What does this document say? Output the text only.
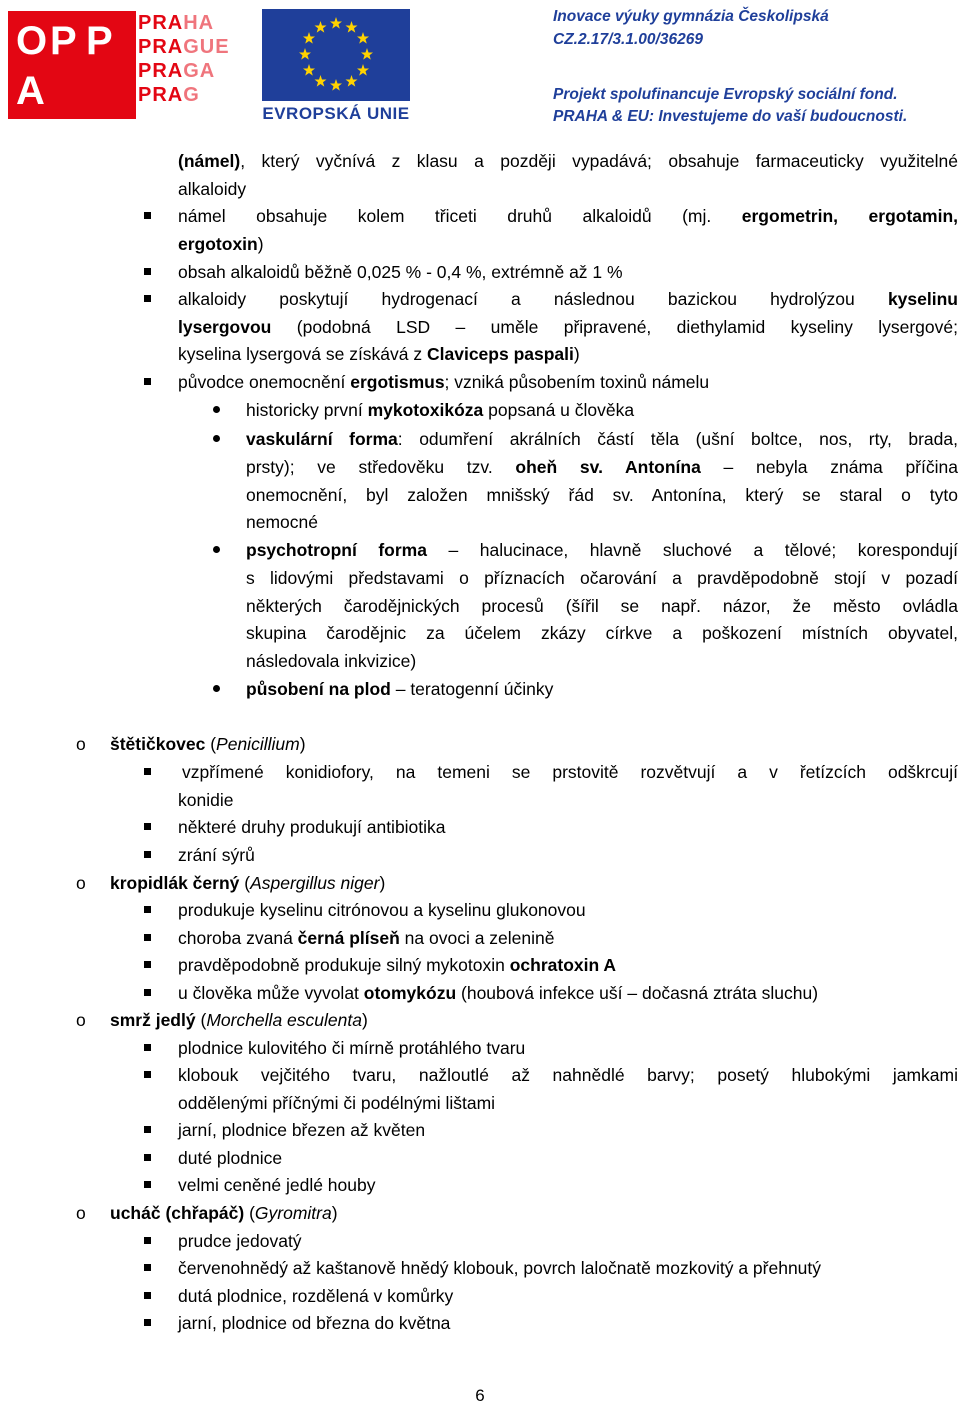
O P P
A
PRAHA
PRAGUE
PRAGA
PRAG
EVROPSKÁ UNIE
Inovace výuky gymnázia Českolipská
CZ.2.17/3.1.00/36269
Projekt spolufinancuje Evropský sociální fond.
PRAHA & EU: Investujeme do vaší budoucnosti.
(námel), který vyčnívá z klasu a později vypadává; obsahuje farmaceuticky využitelné
alkaloidy
námel obsahuje kolem třiceti druhů alkaloidů (mj. ergometrin, ergotamin,
ergotoxin)
obsah alkaloidů běžně 0,025 % - 0,4 %, extrémně až 1 %
alkaloidy poskytují hydrogenací a následnou bazickou hydrolýzou kyselinu
lysergovou (podobná LSD – uměle připravené, diethylamid kyseliny lysergové;
kyselina lysergová se získává z Claviceps paspali)
původce onemocnění ergotismus; vzniká působením toxinů námelu
historicky první mykotoxikóza popsaná u člověka
vaskulární forma: odumření akrálních částí těla (ušní boltce, nos, rty, brada,
prsty); ve středověku tzv. oheň sv. Antonína – nebyla známa příčina
onemocnění, byl založen mnišský řád sv. Antonína, který se staral o tyto
nemocné
psychotropní forma – halucinace, hlavně sluchové a tělové; korespondují
s lidovými představami o příznacích očarování a pravděpodobně stojí v pozadí
některých čarodějnických procesů (šířil se např. názor, že město ovládla
skupina čarodějnic za účelem zkázy církve a poškození místních obyvatel,
následovala inkvizice)
působení na plod – teratogenní účinky
o štětičkovec (Penicillium)
vzpřímené konidiofory, na temeni se prstovitě rozvětvují a v řetízcích odškrcují
konidie
některé druhy produkují antibiotika
zrání sýrů
o kropidlák černý (Aspergillus niger)
produkuje kyselinu citrónovou a kyselinu glukonovou
choroba zvaná černá plíseň na ovoci a zelenině
pravděpodobně produkuje silný mykotoxin ochratoxin A
u člověka může vyvolat otomykózu (houbová infekce uší – dočasná ztráta sluchu)
o smrž jedlý (Morchella esculenta)
plodnice kulovitého či mírně protáhlého tvaru
klobouk vejčitého tvaru, nažloutlé až nahnědlé barvy; posetý hlubokými jamkami
oddělenými příčnými či podélnými lištami
jarní, plodnice březen až květen
duté plodnice
velmi ceněné jedlé houby
o ucháč (chřapáč) (Gyromitra)
prudce jedovatý
červenohnědý až kaštanově hnědý klobouk, povrch laločnatě mozkovitý a přehnutý
dutá plodnice, rozdělená v komůrky
jarní, plodnice od března do května
6
